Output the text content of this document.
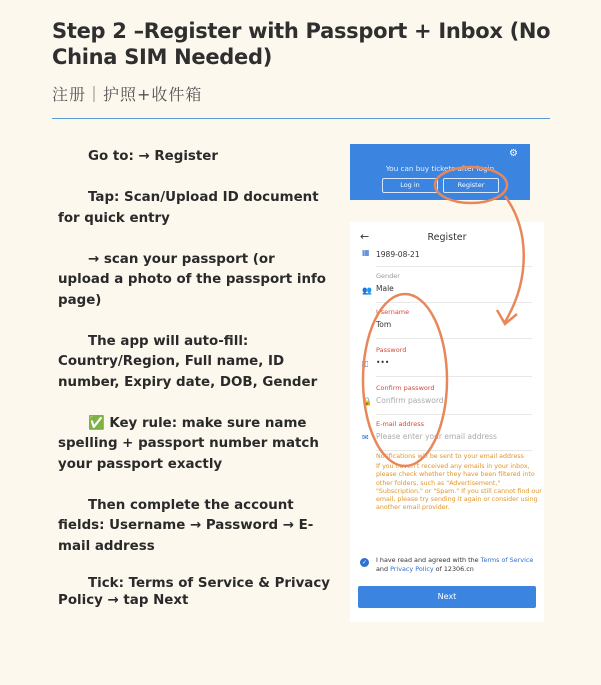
Step 2 –Register with Passport + Inbox (No China SIM Needed)
注册｜护照+收件箱

Go to: → Register

Tap: Scan/Upload ID document for quick entry

→ scan your passport (or upload a photo of the passport info page)

The app will auto-fill: Country/Region, Full name, ID number, Expiry date, DOB, Gender

✅ Key rule: make sure name spelling + passport number match your passport exactly

Then complete the account fields: Username → Password → E-mail address

Tick: Terms of Service & Privacy Policy → tap Next

⚙
You can buy tickets after login
Log in	Register
←	Register
▦ 1989-08-21
Gender
👥 Male
Username
Tom
Password
⚿	•••
Confirm password
🔒 Confirm password
E-mail address
✉ Please enter your email address
Notifications will be sent to your email address
If you haven't received any emails in your inbox, please check whether they have been filtered into other folders, such as "Advertisement," "Subscription," or "Spam." If you still cannot find our email, please try sending it again or consider using another email provider.
✓	I have read and agreed with the Terms of Service and Privacy Policy of 12306.cn
Next
